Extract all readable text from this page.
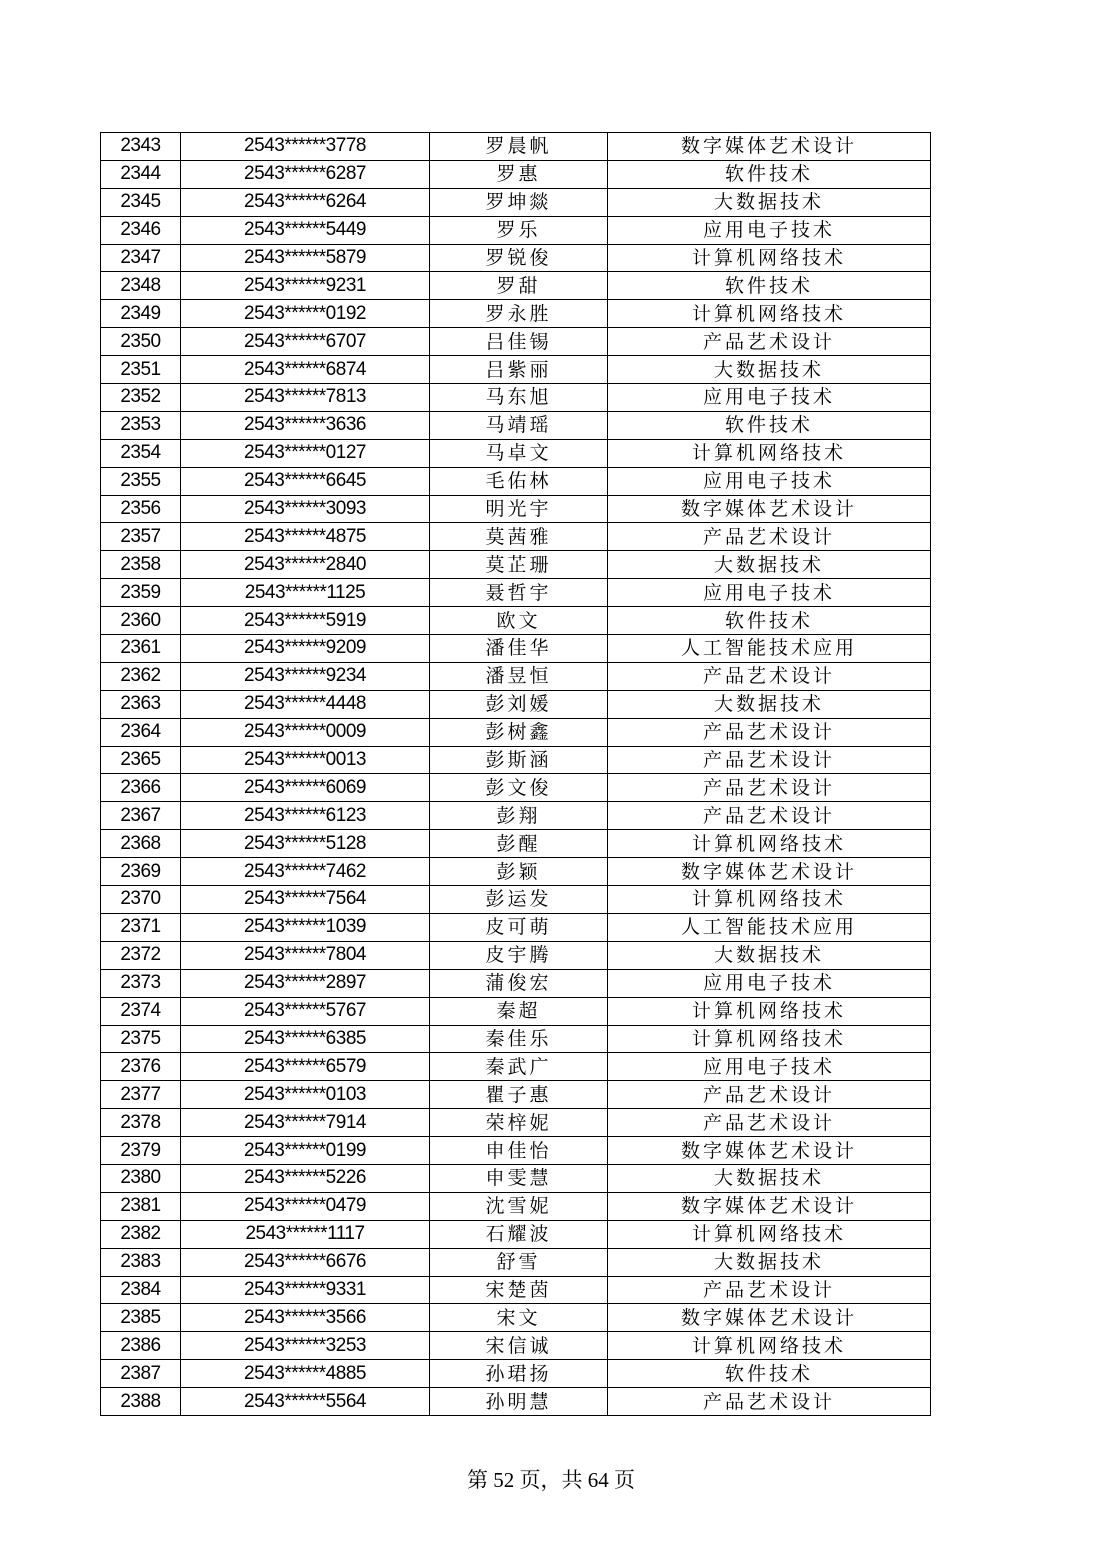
2343	2543******3778	罗晨帆	数字媒体艺术设计
2344	2543******6287	罗惠	软件技术
2345	2543******6264	罗坤燚	大数据技术
2346	2543******5449	罗乐	应用电子技术
2347	2543******5879	罗锐俊	计算机网络技术
2348	2543******9231	罗甜	软件技术
2349	2543******0192	罗永胜	计算机网络技术
2350	2543******6707	吕佳锡	产品艺术设计
2351	2543******6874	吕紫丽	大数据技术
2352	2543******7813	马东旭	应用电子技术
2353	2543******3636	马靖瑶	软件技术
2354	2543******0127	马卓文	计算机网络技术
2355	2543******6645	毛佑林	应用电子技术
2356	2543******3093	明光宇	数字媒体艺术设计
2357	2543******4875	莫茜雅	产品艺术设计
2358	2543******2840	莫芷珊	大数据技术
2359	2543******1125	聂哲宇	应用电子技术
2360	2543******5919	欧文	软件技术
2361	2543******9209	潘佳华	人工智能技术应用
2362	2543******9234	潘昱恒	产品艺术设计
2363	2543******4448	彭刘媛	大数据技术
2364	2543******0009	彭树鑫	产品艺术设计
2365	2543******0013	彭斯涵	产品艺术设计
2366	2543******6069	彭文俊	产品艺术设计
2367	2543******6123	彭翔	产品艺术设计
2368	2543******5128	彭醒	计算机网络技术
2369	2543******7462	彭颖	数字媒体艺术设计
2370	2543******7564	彭运发	计算机网络技术
2371	2543******1039	皮可萌	人工智能技术应用
2372	2543******7804	皮宇腾	大数据技术
2373	2543******2897	蒲俊宏	应用电子技术
2374	2543******5767	秦超	计算机网络技术
2375	2543******6385	秦佳乐	计算机网络技术
2376	2543******6579	秦武广	应用电子技术
2377	2543******0103	瞿子惠	产品艺术设计
2378	2543******7914	荣梓妮	产品艺术设计
2379	2543******0199	申佳怡	数字媒体艺术设计
2380	2543******5226	申雯慧	大数据技术
2381	2543******0479	沈雪妮	数字媒体艺术设计
2382	2543******1117	石耀波	计算机网络技术
2383	2543******6676	舒雪	大数据技术
2384	2543******9331	宋楚茵	产品艺术设计
2385	2543******3566	宋文	数字媒体艺术设计
2386	2543******3253	宋信诚	计算机网络技术
2387	2543******4885	孙珺扬	软件技术
2388	2543******5564	孙明慧	产品艺术设计
第 52 页，共 64 页
